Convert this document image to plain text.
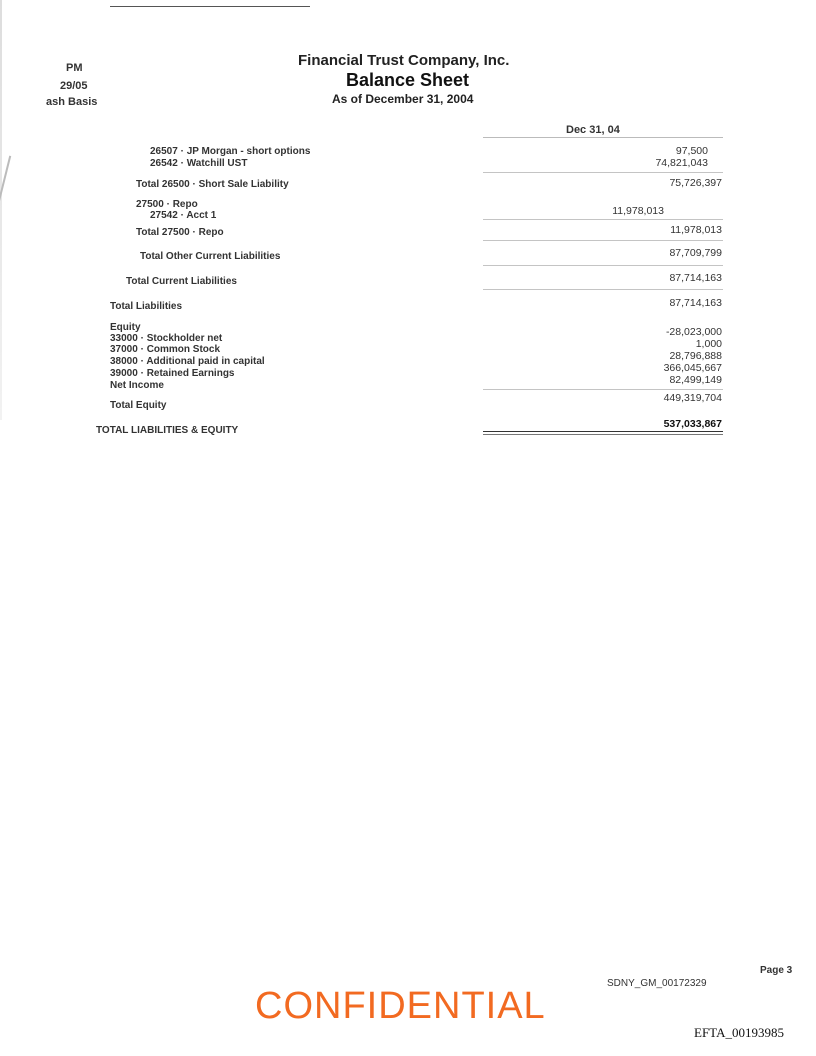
PM
29/05
ash Basis
Financial Trust Company, Inc.
Balance Sheet
As of December 31, 2004
Dec 31, 04
26507 · JP Morgan - short options
26542 · Watchill UST
Total 26500 · Short Sale Liability
27500 · Repo
27542 · Acct 1
Total 27500 · Repo
Total Other Current Liabilities
Total Current Liabilities
Total Liabilities
Equity
33000 · Stockholder net
37000 · Common Stock
38000 · Additional paid in capital
39000 · Retained Earnings
Net Income
Total Equity
TOTAL LIABILITIES & EQUITY
97,500
74,821,043
75,726,397
11,978,013
11,978,013
87,709,799
87,714,163
87,714,163
-28,023,000
1,000
28,796,888
366,045,667
82,499,149
449,319,704
537,033,867
Page 3
SDNY_GM_00172329
CONFIDENTIAL
EFTA_00193985
